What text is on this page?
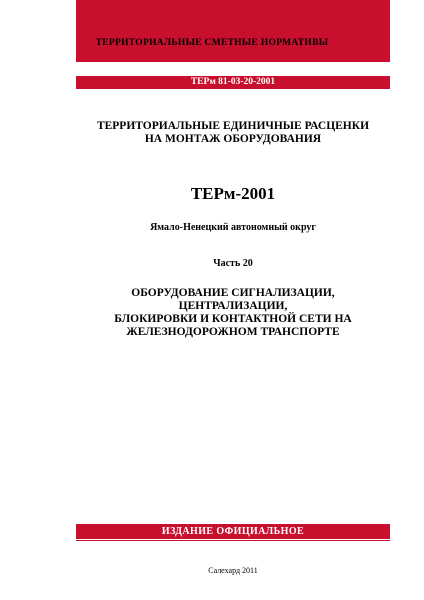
ТЕРРИТОРИАЛЬНЫЕ СМЕТНЫЕ НОРМАТИВЫ
ТЕРм 81-03-20-2001
ТЕРРИТОРИАЛЬНЫЕ ЕДИНИЧНЫЕ РАСЦЕНКИ
НА МОНТАЖ ОБОРУДОВАНИЯ
ТЕРм-2001
Ямало-Ненецкий автономный округ
Часть 20
ОБОРУДОВАНИЕ СИГНАЛИЗАЦИИ, ЦЕНТРАЛИЗАЦИИ,
БЛОКИРОВКИ И КОНТАКТНОЙ СЕТИ НА
ЖЕЛЕЗНОДОРОЖНОМ ТРАНСПОРТЕ
ИЗДАНИЕ ОФИЦИАЛЬНОЕ
Салехард 2011
